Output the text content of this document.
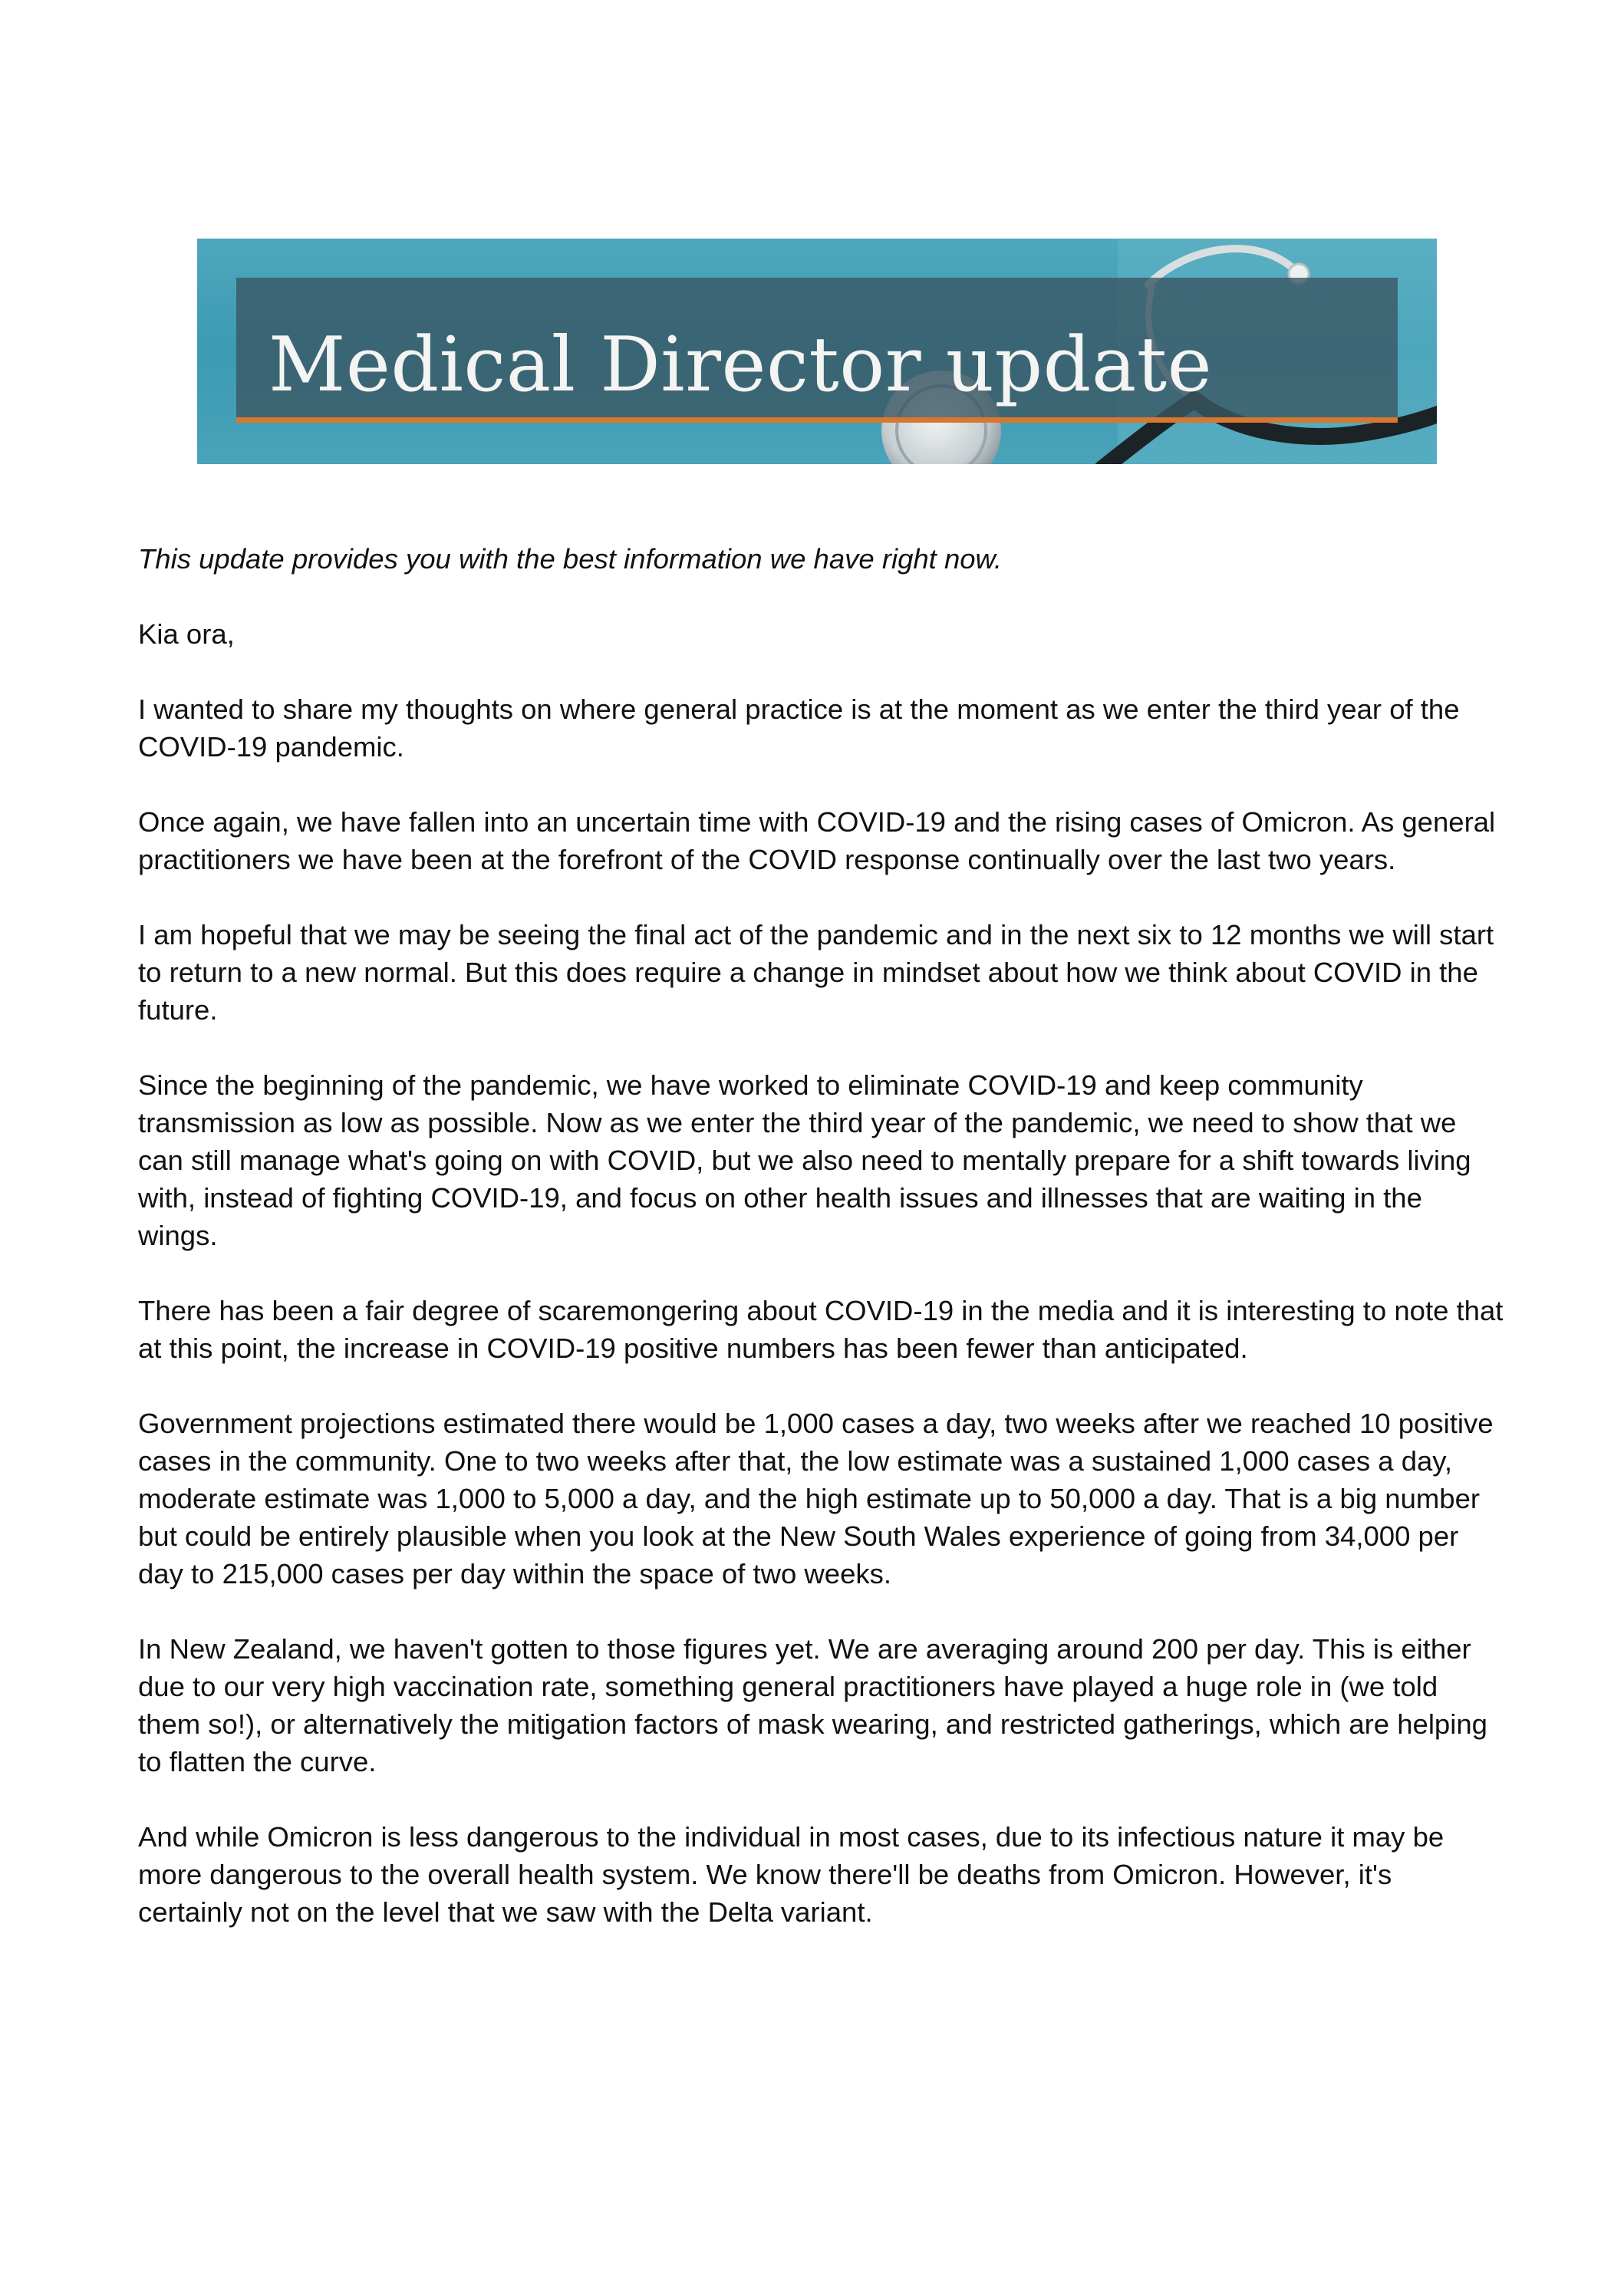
Medical Director update

This update provides you with the best information we have right now.

Kia ora,

I wanted to share my thoughts on where general practice is at the moment as we enter the third year of the COVID-19 pandemic.

Once again, we have fallen into an uncertain time with COVID-19 and the rising cases of Omicron. As general practitioners we have been at the forefront of the COVID response continually over the last two years.

I am hopeful that we may be seeing the final act of the pandemic and in the next six to 12 months we will start to return to a new normal. But this does require a change in mindset about how we think about COVID in the future.

Since the beginning of the pandemic, we have worked to eliminate COVID-19 and keep community transmission as low as possible. Now as we enter the third year of the pandemic, we need to show that we can still manage what's going on with COVID, but we also need to mentally prepare for a shift towards living with, instead of fighting COVID-19, and focus on other health issues and illnesses that are waiting in the wings.

There has been a fair degree of scaremongering about COVID-19 in the media and it is interesting to note that at this point, the increase in COVID-19 positive numbers has been fewer than anticipated.

Government projections estimated there would be 1,000 cases a day, two weeks after we reached 10 positive cases in the community. One to two weeks after that, the low estimate was a sustained 1,000 cases a day, moderate estimate was 1,000 to 5,000 a day, and the high estimate up to 50,000 a day. That is a big number but could be entirely plausible when you look at the New South Wales experience of going from 34,000 per day to 215,000 cases per day within the space of two weeks.

In New Zealand, we haven't gotten to those figures yet. We are averaging around 200 per day. This is either due to our very high vaccination rate, something general practitioners have played a huge role in (we told them so!), or alternatively the mitigation factors of mask wearing, and restricted gatherings, which are helping to flatten the curve.

And while Omicron is less dangerous to the individual in most cases, due to its infectious nature it may be more dangerous to the overall health system. We know there'll be deaths from Omicron. However, it's certainly not on the level that we saw with the Delta variant.
